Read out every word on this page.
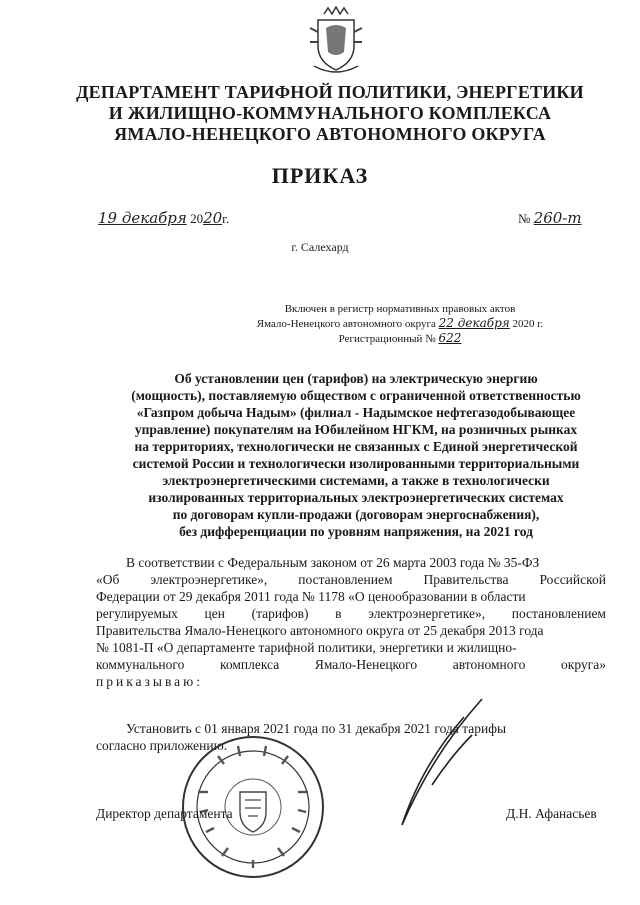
ДЕПАРТАМЕНТ ТАРИФНОЙ ПОЛИТИКИ, ЭНЕРГЕТИКИ
И ЖИЛИЩНО-КОММУНАЛЬНОГО КОМПЛЕКСА
ЯМАЛО-НЕНЕЦКОГО АВТОНОМНОГО ОКРУГА
ПРИКАЗ
19 декабря 2020г.	№ 260-т
г. Салехард
Включен в регистр нормативных правовых актов
Ямало-Ненецкого автономного округа 22 декабря 2020 г.
Регистрационный № 622
Об установлении цен (тарифов) на электрическую энергию
(мощность), поставляемую обществом с ограниченной ответственностью
«Газпром добыча Надым» (филиал - Надымское нефтегазодобывающее
управление) покупателям на Юбилейном НГКМ, на розничных рынках
на территориях, технологически не связанных с Единой энергетической
системой России и технологически изолированными территориальными
электроэнергетическими системами, а также в технологически
изолированных территориальных электроэнергетических системах
по договорам купли-продажи (договорам энергоснабжения),
без дифференциации по уровням напряжения, на 2021 год
В соответствии с Федеральным законом от 26 марта 2003 года № 35-ФЗ
«Об электроэнергетике», постановлением Правительства Российской
Федерации от 29 декабря 2011 года № 1178 «О ценообразовании в области
регулируемых цен (тарифов) в электроэнергетике», постановлением
Правительства Ямало-Ненецкого автономного округа от 25 декабря 2013 года
№ 1081-П «О департаменте тарифной политики, энергетики и жилищно-
коммунального	комплекса	Ямало-Ненецкого	автономного	округа»
приказываю:
Установить с 01 января 2021 года по 31 декабря 2021 года тарифы
согласно приложению.
Директор департамента	Д.Н. Афанасьев
